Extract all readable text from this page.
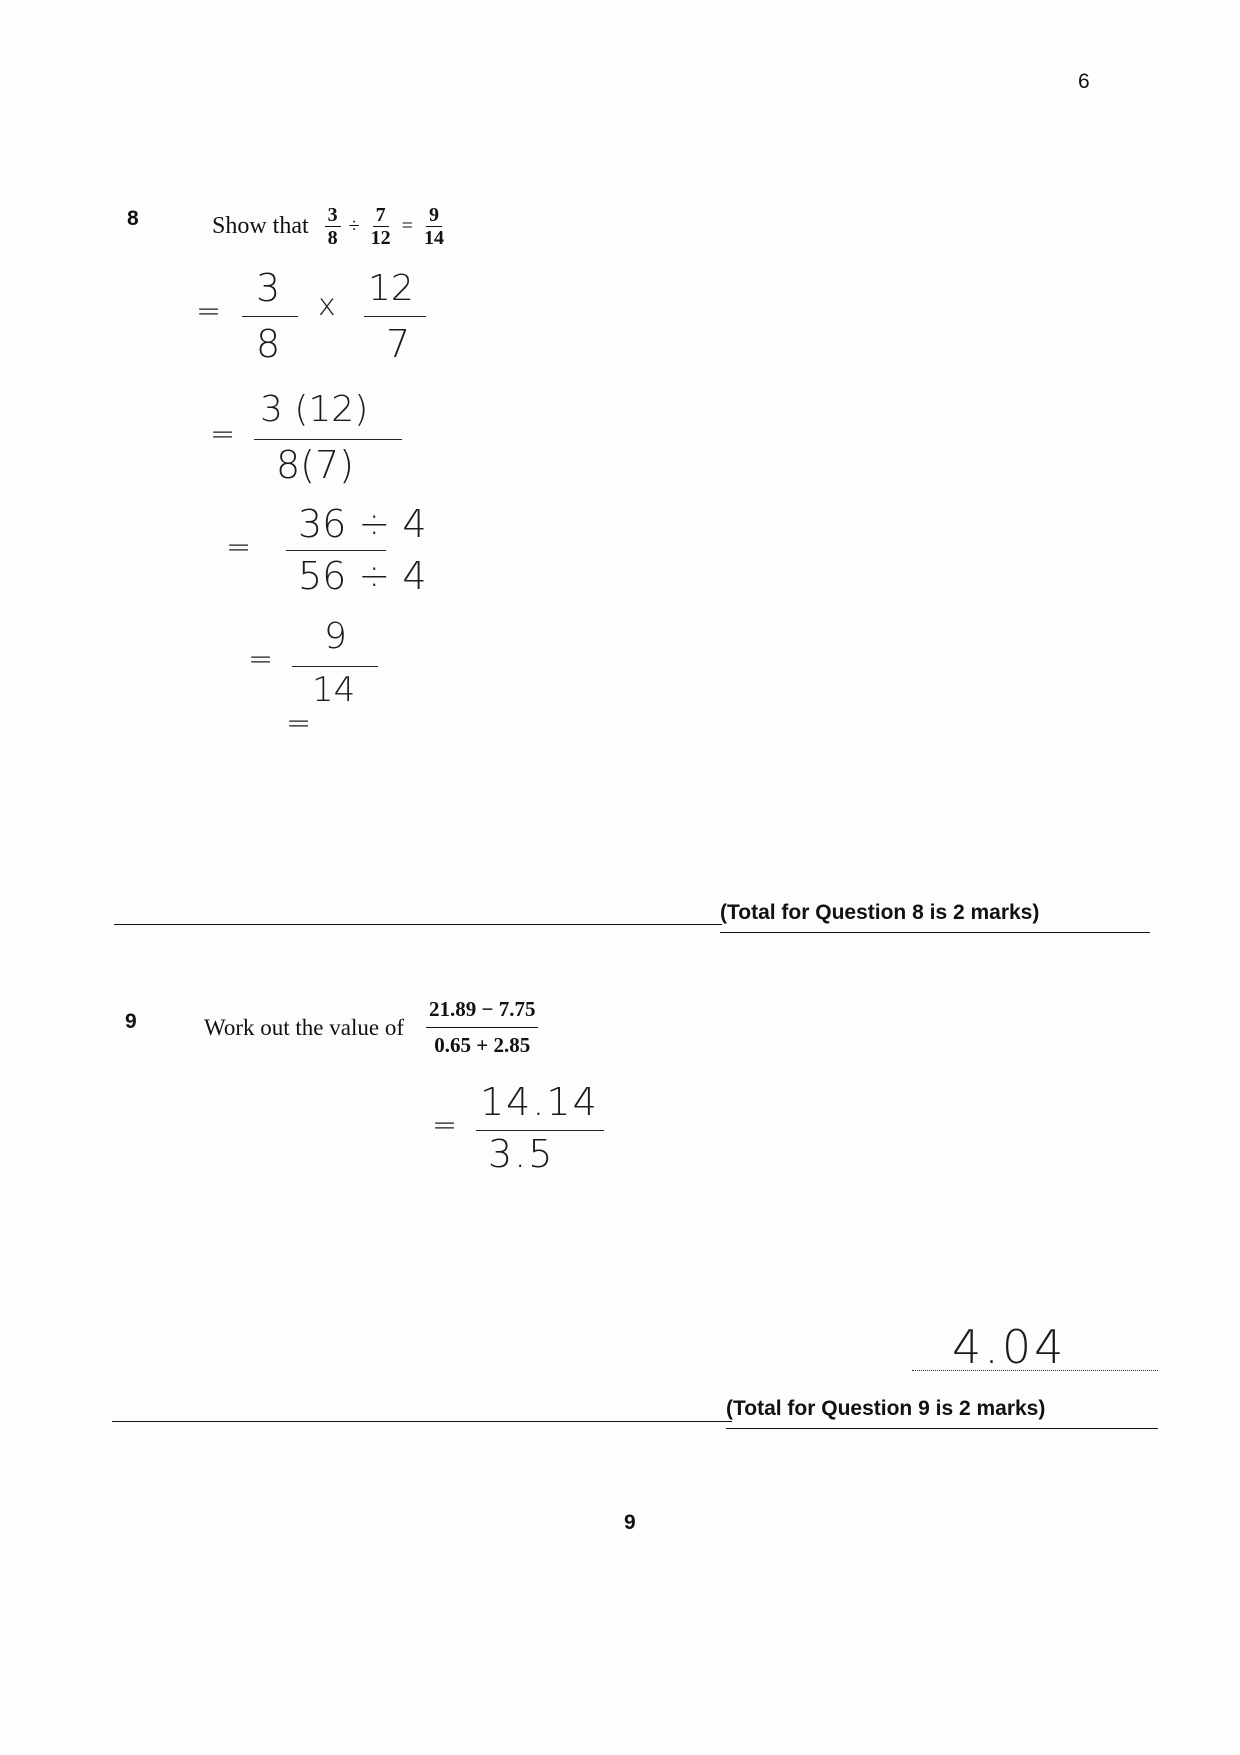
6
8	Show that $\frac{3}{8} \div \frac{7}{12} = \frac{9}{14}$
=
3
8
x 12
7
=
3 (12)
8(7)
=
36 ÷ 4
56 ÷ 4
=
9
14
=
(Total for Question 8 is 2 marks)
9	Work out the value of $\frac{21.89 - 7.75}{0.65 + 2.85}$
=
14.14
3.5
4.04
(Total for Question 9 is 2 marks)
9
